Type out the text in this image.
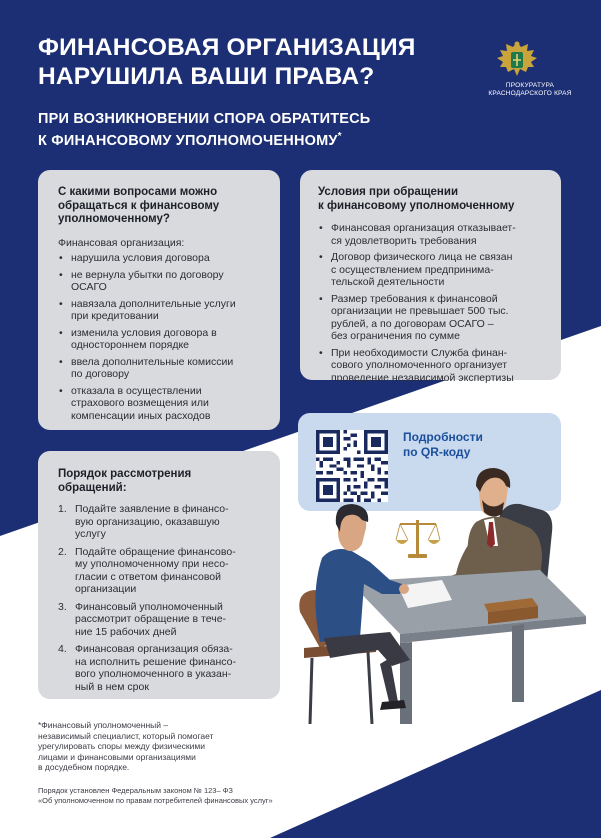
ФИНАНСОВАЯ ОРГАНИЗАЦИЯ
НАРУШИЛА ВАШИ ПРАВА?
ПРИ ВОЗНИКНОВЕНИИ СПОРА ОБРАТИТЕСЬ
К ФИНАНСОВОМУ УПОЛНОМОЧЕННОМУ*
ПРОКУРАТУРА
КРАСНОДАРСКОГО КРАЯ
С какими вопросами можно
обращаться к финансовому
уполномоченному?
Финансовая организация:
• нарушила условия договора
• не вернула убытки по договору
ОСАГО
• навязала дополнительные услуги
при кредитовании
• изменила условия договора в
одностороннем порядке
• ввела дополнительные комиссии
по договору
• отказала в осуществлении
страхового возмещения или
компенсации иных расходов
Условия при обращении
к финансовому уполномоченному
• Финансовая организация отказывает-
ся удовлетворить требования
• Договор физического лица не связан
с осуществлением предпринима-
тельской деятельности
• Размер требования к финансовой
организации не превышает 500 тыс.
рублей, а по договорам ОСАГО –
без ограничения по сумме
• При необходимости Служба финан-
сового уполномоченного организует
проведение независимой экспертизы
Порядок рассмотрения
обращений:
1. Подайте заявление в финансо-
вую организацию, оказавшую
услугу
2. Подайте обращение финансово-
му уполномоченному при несо-
гласии с ответом финансовой
организации
3. Финансовый уполномоченный
рассмотрит обращение в тече-
ние 15 рабочих дней
4. Финансовая организация обяза-
на исполнить решение финансо-
вого уполномоченного в указан-
ный в нем срок
Подробности
по QR-коду
*Финансовый уполномоченный –
независимый специалист, который помогает
урегулировать споры между физическими
лицами и финансовыми организациями
в досудебном порядке.
Порядок установлен Федеральным законом № 123– ФЗ
«Об уполномоченном по правам потребителей финансовых услуг»
